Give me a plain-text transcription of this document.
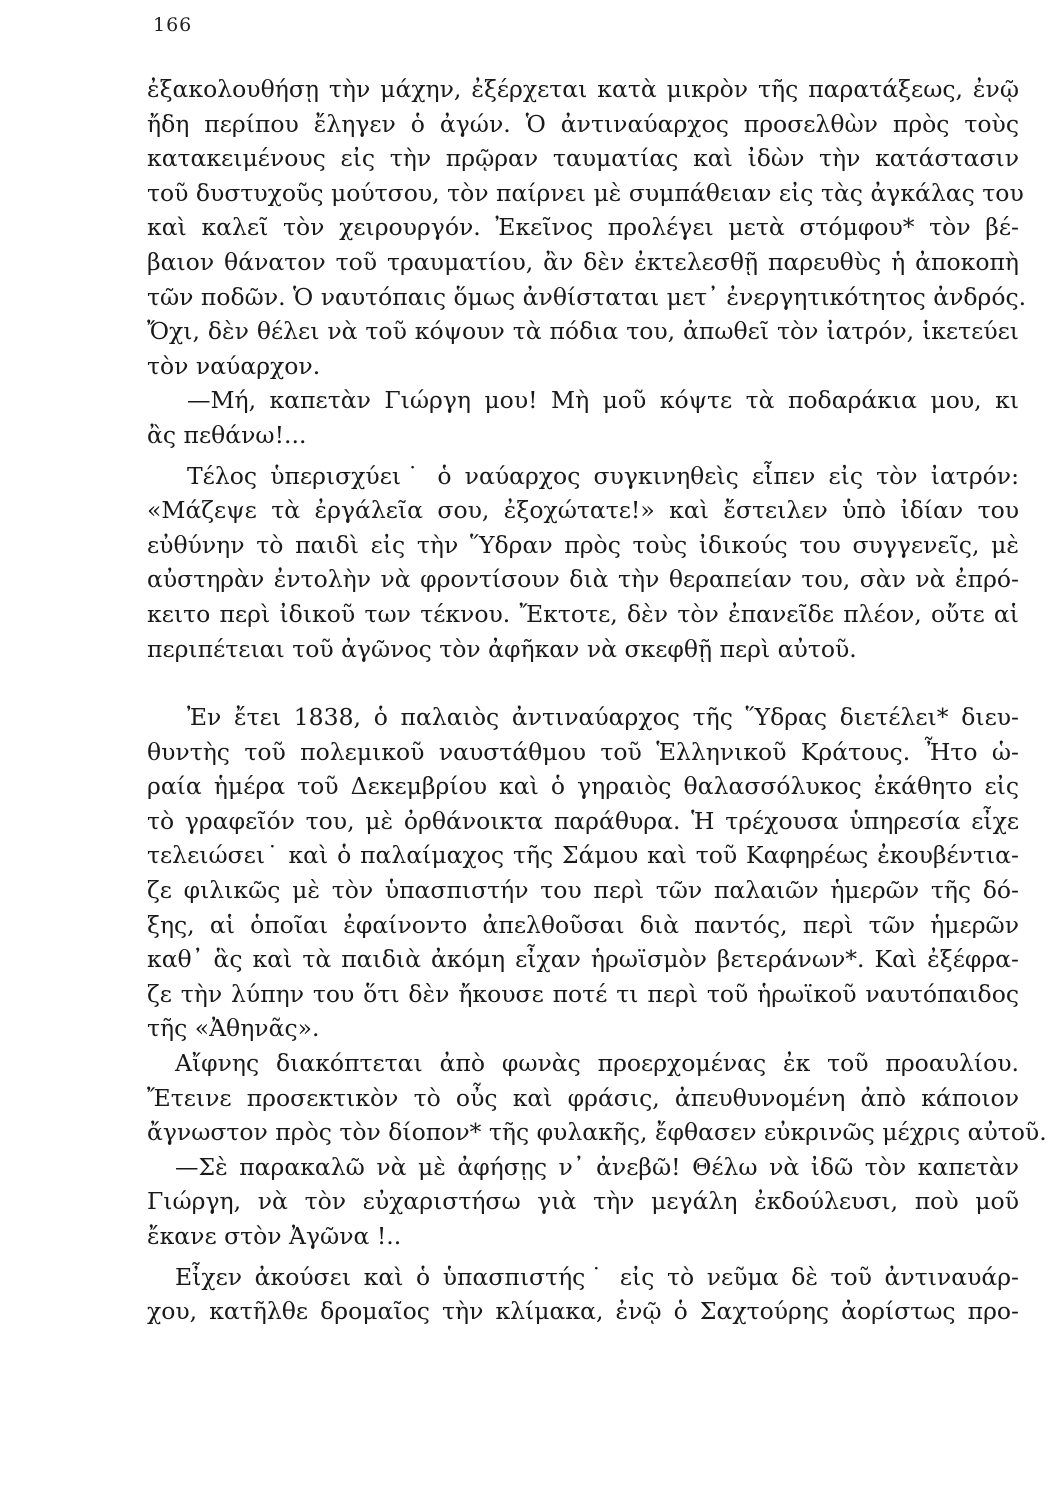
166
ἐξακολουθήσῃ τὴν μάχην, ἐξέρχεται κατὰ μικρὸν τῆς παρατάξεως, ἐνῷ
ἤδη περίπου ἔληγεν ὁ ἀγών. Ὁ ἀντιναύαρχος προσελθὼν πρὸς τοὺς
κατακειμένους εἰς τὴν πρῷραν ταυματίας καὶ ἰδὼν τὴν κατάστασιν
τοῦ δυστυχοῦς μούτσου, τὸν παίρνει μὲ συμπάθειαν εἰς τὰς ἀγκάλας του
καὶ καλεῖ τὸν χειρουργόν. Ἐκεῖνος προλέγει μετὰ στόμφου* τὸν βέ-
βαιον θάνατον τοῦ τραυματίου, ἂν δὲν ἐκτελεσθῇ παρευθὺς ἡ ἀποκοπὴ
τῶν ποδῶν. Ὁ ναυτόπαις ὅμως ἀνθίσταται μετ᾽ ἐνεργητικότητος ἀνδρός.
Ὄχι, δὲν θέλει νὰ τοῦ κόψουν τὰ πόδια του, ἀπωθεῖ τὸν ἰατρόν, ἱκετεύει
τὸν ναύαρχον.
—Μή, καπετὰν Γιώργη μου! Μὴ μοῦ κόψτε τὰ ποδαράκια μου, κι
ἂς πεθάνω!...
Τέλος ὑπερισχύει˙ ὁ ναύαρχος συγκινηθεὶς εἶπεν εἰς τὸν ἰατρόν:
«Μάζεψε τὰ ἐργάλεῖα σου, ἐξοχώτατε!» καὶ ἔστειλεν ὑπὸ ἰδίαν του
εὐθύνην τὸ παιδὶ εἰς τὴν Ὕδραν πρὸς τοὺς ἰδικούς του συγγενεῖς, μὲ
αὐστηρὰν ἐντολὴν νὰ φροντίσουν διὰ τὴν θεραπείαν του, σὰν νὰ ἐπρό-
κειτο περὶ ἰδικοῦ των τέκνου. Ἔκτοτε, δὲν τὸν ἐπανεῖδε πλέον, οὔτε αἱ
περιπέτειαι τοῦ ἀγῶνος τὸν ἀφῆκαν νὰ σκεφθῇ περὶ αὐτοῦ.
Ἐν ἔτει 1838, ὁ παλαιὸς ἀντιναύαρχος τῆς Ὕδρας διετέλει* διευ-
θυντὴς τοῦ πολεμικοῦ ναυστάθμου τοῦ Ἑλληνικοῦ Κράτους. Ἦτο ὡ-
ραία ἡμέρα τοῦ Δεκεμβρίου καὶ ὁ γηραιὸς θαλασσόλυκος ἐκάθητο εἰς
τὸ γραφεῖόν του, μὲ ὀρθάνοικτα παράθυρα. Ἡ τρέχουσα ὑπηρεσία εἶχε
τελειώσει˙ καὶ ὁ παλαίμαχος τῆς Σάμου καὶ τοῦ Καφηρέως ἐκουβέντια-
ζε φιλικῶς μὲ τὸν ὑπασπιστήν του περὶ τῶν παλαιῶν ἡμερῶν τῆς δό-
ξης, αἱ ὁποῖαι ἐφαίνοντο ἀπελθοῦσαι διὰ παντός, περὶ τῶν ἡμερῶν
καθ᾽ ἃς καὶ τὰ παιδιὰ ἀκόμη εἶχαν ἡρωϊσμὸν βετεράνων*. Καὶ ἐξέφρα-
ζε τὴν λύπην του ὅτι δὲν ἤκουσε ποτέ τι περὶ τοῦ ἡρωϊκοῦ ναυτόπαιδος
τῆς «Ἀθηνᾶς».
Αἴφνης διακόπτεται ἀπὸ φωνὰς προερχομένας ἐκ τοῦ προαυλίου.
Ἔτεινε προσεκτικὸν τὸ οὖς καὶ φράσις, ἀπευθυνομένη ἀπὸ κάποιον
ἄγνωστον πρὸς τὸν δίοπον* τῆς φυλακῆς, ἔφθασεν εὐκρινῶς μέχρις αὐτοῦ.
—Σὲ παρακαλῶ νὰ μὲ ἀφήσῃς ν᾽ ἀνεβῶ! Θέλω νὰ ἰδῶ τὸν καπετὰν
Γιώργη, νὰ τὸν εὐχαριστήσω γιὰ τὴν μεγάλη ἐκδούλευσι, ποὺ μοῦ
ἔκανε στὸν Ἀγῶνα !..
Εἶχεν ἀκούσει καὶ ὁ ὑπασπιστής˙ εἰς τὸ νεῦμα δὲ τοῦ ἀντιναυάρ-
χου, κατῆλθε δρομαῖος τὴν κλίμακα, ἐνῷ ὁ Σαχτούρης ἀορίστως προ-
